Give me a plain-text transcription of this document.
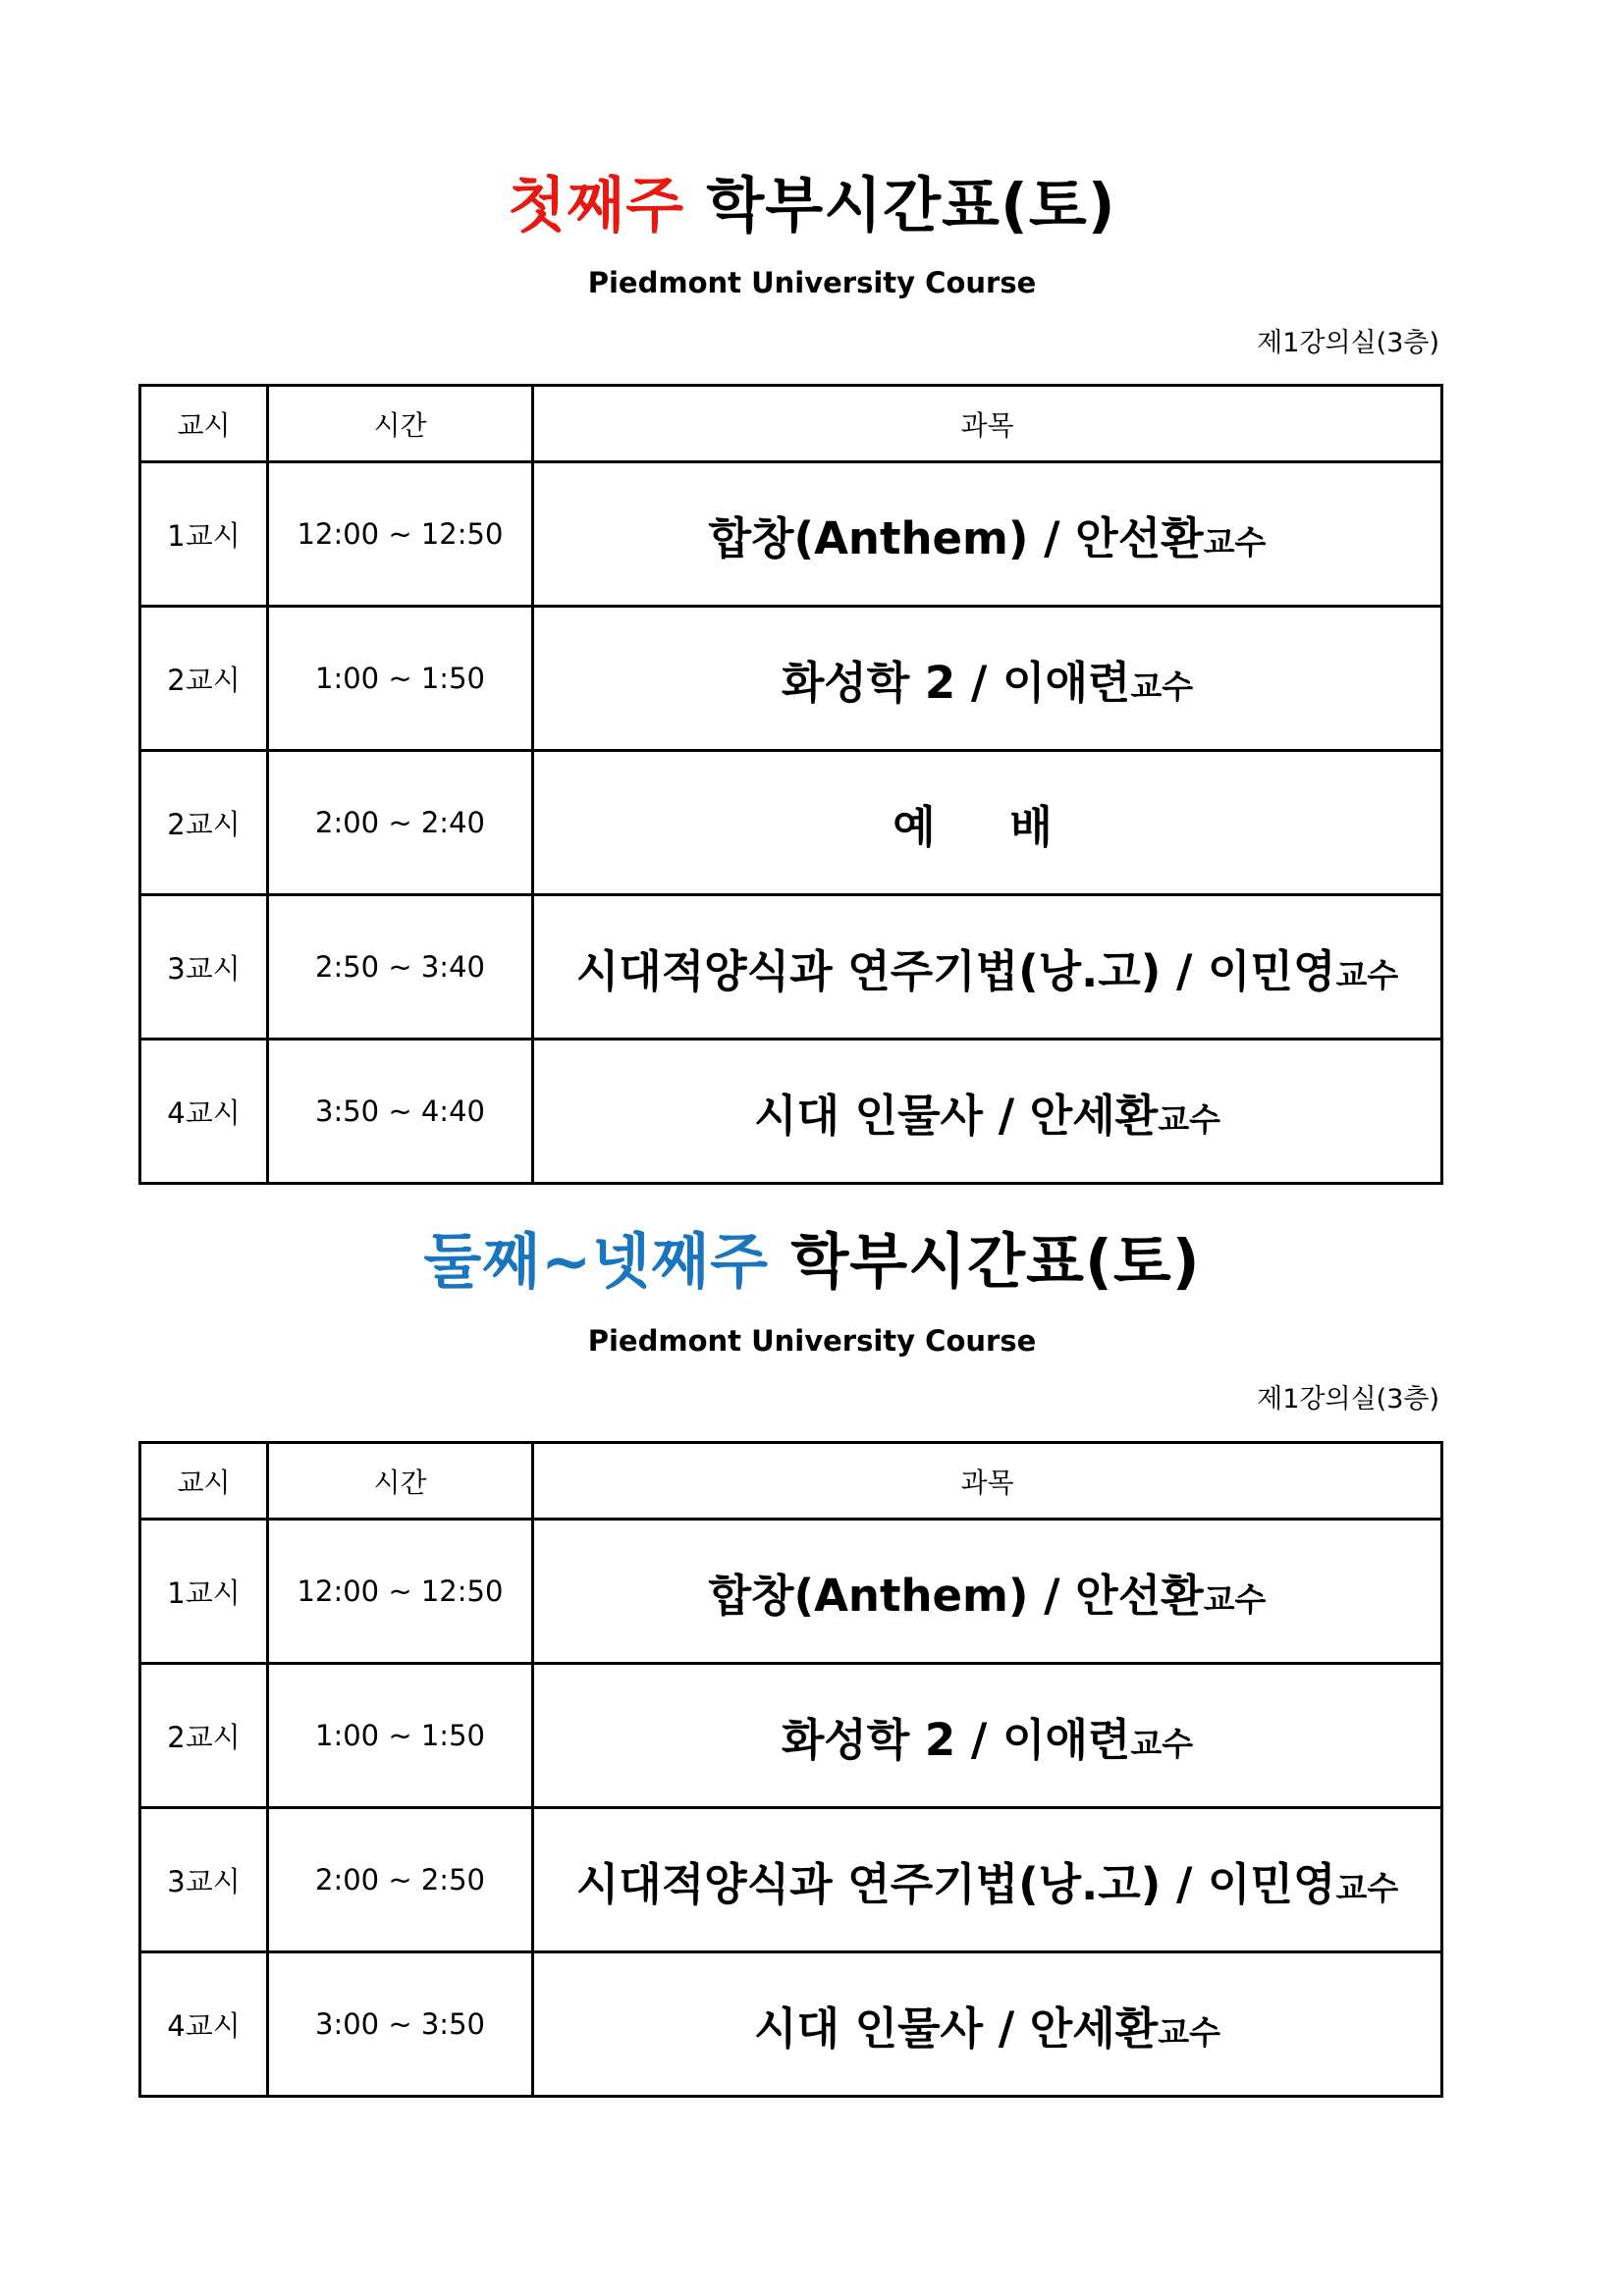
첫째주 학부시간표(토)
Piedmont University Course
제1강의실(3층)
교시	시간	과목
1교시	12:00 ~ 12:50	합창(Anthem) / 안선환교수
2교시	1:00 ~ 1:50	화성학 2 / 이애련교수
2교시	2:00 ~ 2:40	예 배
3교시	2:50 ~ 3:40	시대적양식과 연주기법(낭.고) / 이민영교수
4교시	3:50 ~ 4:40	시대 인물사 / 안세환교수
둘째~넷째주 학부시간표(토)
Piedmont University Course
제1강의실(3층)
교시	시간	과목
1교시	12:00 ~ 12:50	합창(Anthem) / 안선환교수
2교시	1:00 ~ 1:50	화성학 2 / 이애련교수
3교시	2:00 ~ 2:50	시대적양식과 연주기법(낭.고) / 이민영교수
4교시	3:00 ~ 3:50	시대 인물사 / 안세환교수
